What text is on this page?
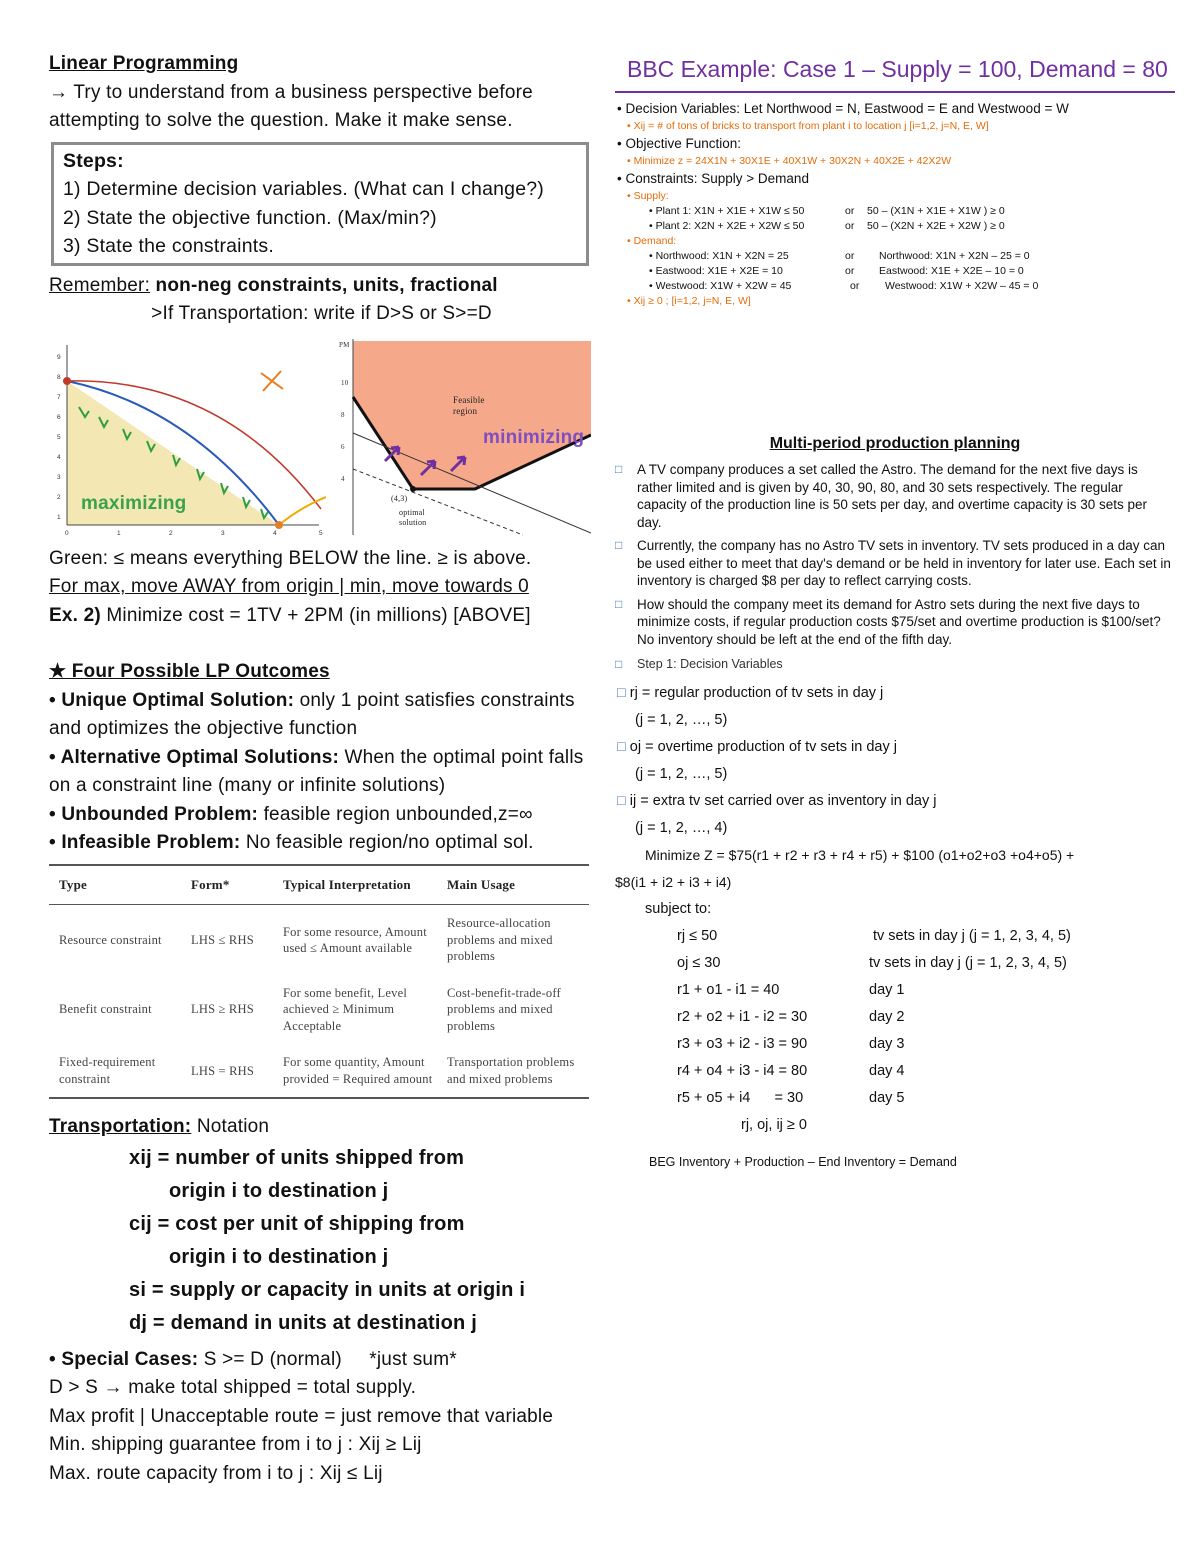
Linear Programming
→ Try to understand from a business perspective before attempting to solve the question. Make it make sense.
Steps:
1) Determine decision variables. (What can I change?)
2) State the objective function. (Max/min?)
3) State the constraints.
Remember: non-neg constraints, units, fractional
>If Transportation: write if D>S or S>=D
maximizing
9
8
7
6
5
4
3
2
1
0	1	2	3	4	5
Feasible
region
minimizing
(4,3)
optimal
solution
PM
10
8
6
4
Green: ≤ means everything BELOW the line. ≥ is above.
For max, move AWAY from origin | min, move towards 0
Ex. 2) Minimize cost = 1TV + 2PM (in millions) [ABOVE]
★ Four Possible LP Outcomes
• Unique Optimal Solution: only 1 point satisfies constraints and optimizes the objective function
• Alternative Optimal Solutions: When the optimal point falls on a constraint line (many or infinite solutions)
• Unbounded Problem: feasible region unbounded,z=∞
• Infeasible Problem: No feasible region/no optimal sol.
Type	Form*	Typical Interpretation	Main Usage
Resource constraint	LHS ≤ RHS	For some resource, Amount used ≤ Amount available	Resource-allocation problems and mixed problems
Benefit constraint	LHS ≥ RHS	For some benefit, Level achieved ≥ Minimum Acceptable	Cost-benefit-trade-off problems and mixed problems
Fixed-requirement constraint	LHS = RHS	For some quantity, Amount provided = Required amount	Transportation problems and mixed problems
Transportation: Notation
xij = number of units shipped from
origin i to destination j
cij = cost per unit of shipping from
origin i to destination j
si = supply or capacity in units at origin i
dj = demand in units at destination j
• Special Cases: S >= D (normal)     *just sum*
D > S → make total shipped = total supply.
Max profit | Unacceptable route = just remove that variable
Min. shipping guarantee from i to j : Xij ≥ Lij
Max. route capacity from i to j : Xij ≤ Lij
BBC Example: Case 1 – Supply = 100, Demand = 80
• Decision Variables: Let Northwood = N, Eastwood = E and Westwood = W
• Xij = # of tons of bricks to transport from plant i to location j [i=1,2, j=N, E, W]
• Objective Function:
• Minimize z = 24X1N + 30X1E + 40X1W + 30X2N + 40X2E + 42X2W
• Constraints: Supply > Demand
• Supply:
• Plant 1: X1N + X1E + X1W ≤ 50	or 50 – (X1N + X1E + X1W ) ≥ 0
• Plant 2: X2N + X2E + X2W ≤ 50	or 50 – (X2N + X2E + X2W ) ≥ 0
• Demand:
• Northwood: X1N + X2N = 25	or Northwood: X1N + X2N – 25 = 0
• Eastwood: X1E + X2E = 10	or Eastwood: X1E + X2E – 10 = 0
• Westwood: X1W + X2W = 45	or Westwood: X1W + X2W – 45 = 0
• Xij ≥ 0 ; [i=1,2, j=N, E, W]
Multi-period production planning
□ A TV company produces a set called the Astro. The demand for the next five days is rather limited and is given by 40, 30, 90, 80, and 30 sets respectively. The regular capacity of the production line is 50 sets per day, and overtime capacity is 30 sets per day.
□ Currently, the company has no Astro TV sets in inventory. TV sets produced in a day can be used either to meet that day's demand or be held in inventory for later use. Each set in inventory is charged $8 per day to reflect carrying costs.
□ How should the company meet its demand for Astro sets during the next five days to minimize costs, if regular production costs $75/set and overtime production is $100/set? No inventory should be left at the end of the fifth day.
□ Step 1: Decision Variables
□ rj = regular production of tv sets in day j
(j = 1, 2, …, 5)
□ oj = overtime production of tv sets in day j
(j = 1, 2, …, 5)
□ ij = extra tv set carried over as inventory in day j
(j = 1, 2, …, 4)
Minimize Z = $75(r1 + r2 + r3 + r4 + r5) + $100 (o1+o2+o3 +o4+o5) +
$8(i1 + i2 + i3 + i4)
subject to:
rj ≤ 50	tv sets in day j (j = 1, 2, 3, 4, 5)
oj ≤ 30	tv sets in day j (j = 1, 2, 3, 4, 5)
r1 + o1 - i1 = 40	day 1
r2 + o2 + i1 - i2 = 30	day 2
r3 + o3 + i2 - i3 = 90	day 3
r4 + o4 + i3 - i4 = 80	day 4
r5 + o5 + i4      = 30	day 5
rj, oj, ij ≥ 0
BEG Inventory + Production – End Inventory = Demand
